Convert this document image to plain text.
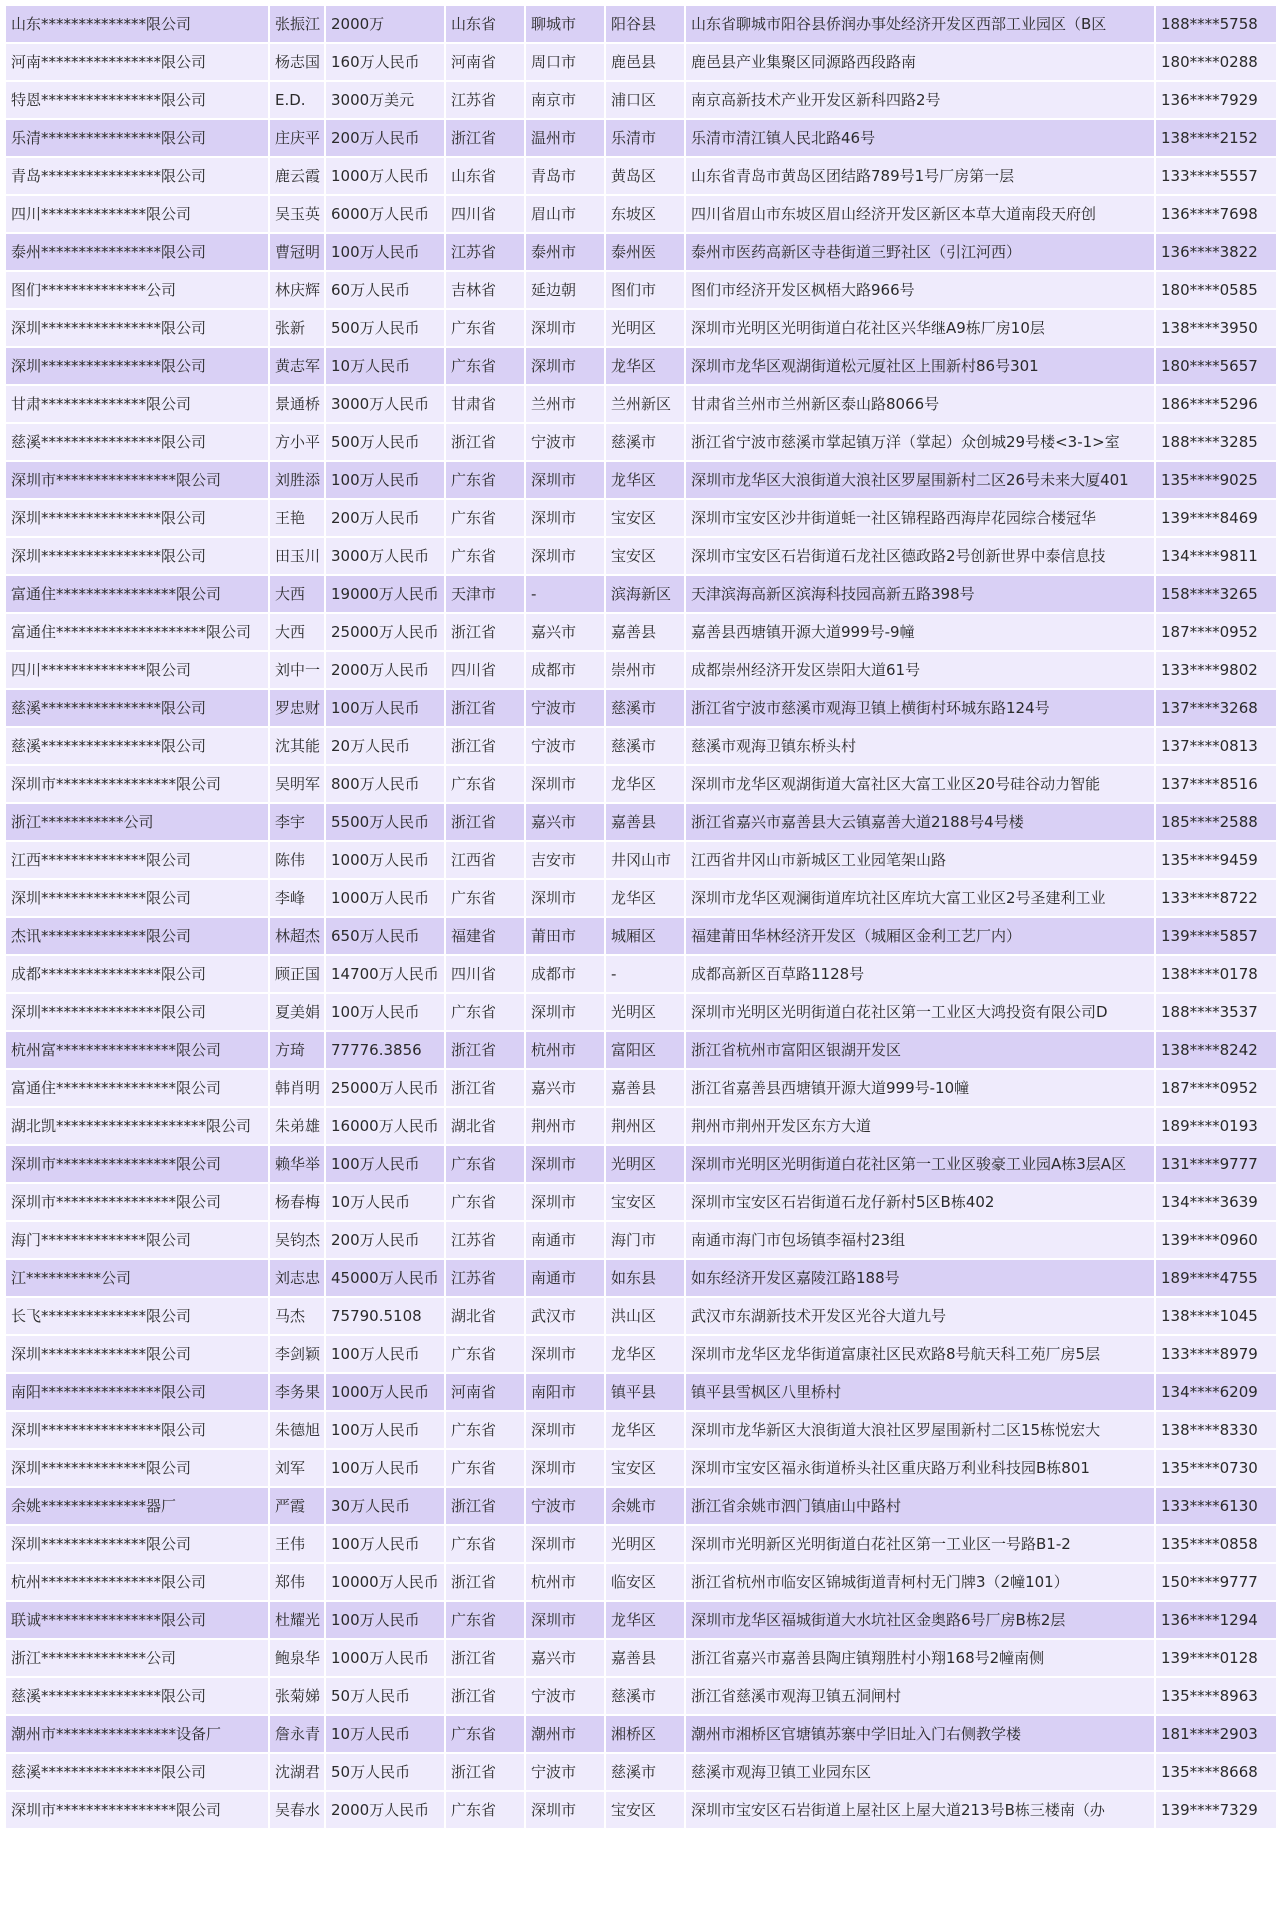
山东**************限公司	张振江	2000万	山东省	聊城市	阳谷县	山东省聊城市阳谷县侨润办事处经济开发区西部工业园区（B区	188****5758
河南****************限公司	杨志国	160万人民币	河南省	周口市	鹿邑县	鹿邑县产业集聚区同源路西段路南	180****0288
特恩****************限公司	E.D.	3000万美元	江苏省	南京市	浦口区	南京高新技术产业开发区新科四路2号	136****7929
乐清****************限公司	庄庆平	200万人民币	浙江省	温州市	乐清市	乐清市清江镇人民北路46号	138****2152
青岛****************限公司	鹿云霞	1000万人民币	山东省	青岛市	黄岛区	山东省青岛市黄岛区团结路789号1号厂房第一层	133****5557
四川**************限公司	吴玉英	6000万人民币	四川省	眉山市	东坡区	四川省眉山市东坡区眉山经济开发区新区本草大道南段天府创	136****7698
泰州****************限公司	曹冠明	100万人民币	江苏省	泰州市	泰州医	泰州市医药高新区寺巷街道三野社区（引江河西）	136****3822
图们**************公司	林庆辉	60万人民币	吉林省	延边朝	图们市	图们市经济开发区枫梧大路966号	180****0585
深圳****************限公司	张新	500万人民币	广东省	深圳市	光明区	深圳市光明区光明街道白花社区兴华继A9栋厂房10层	138****3950
深圳****************限公司	黄志军	10万人民币	广东省	深圳市	龙华区	深圳市龙华区观湖街道松元厦社区上围新村86号301	180****5657
甘肃**************限公司	景通桥	3000万人民币	甘肃省	兰州市	兰州新区	甘肃省兰州市兰州新区泰山路8066号	186****5296
慈溪****************限公司	方小平	500万人民币	浙江省	宁波市	慈溪市	浙江省宁波市慈溪市掌起镇万洋（掌起）众创城29号楼<3-1>室	188****3285
深圳市****************限公司	刘胜添	100万人民币	广东省	深圳市	龙华区	深圳市龙华区大浪街道大浪社区罗屋围新村二区26号未来大厦401	135****9025
深圳****************限公司	王艳	200万人民币	广东省	深圳市	宝安区	深圳市宝安区沙井街道蚝一社区锦程路西海岸花园综合楼冠华	139****8469
深圳****************限公司	田玉川	3000万人民币	广东省	深圳市	宝安区	深圳市宝安区石岩街道石龙社区德政路2号创新世界中泰信息技	134****9811
富通住****************限公司	大西	19000万人民币	天津市	-	滨海新区	天津滨海高新区滨海科技园高新五路398号	158****3265
富通住********************限公司	大西	25000万人民币	浙江省	嘉兴市	嘉善县	嘉善县西塘镇开源大道999号-9幢	187****0952
四川**************限公司	刘中一	2000万人民币	四川省	成都市	崇州市	成都崇州经济开发区崇阳大道61号	133****9802
慈溪****************限公司	罗忠财	100万人民币	浙江省	宁波市	慈溪市	浙江省宁波市慈溪市观海卫镇上横街村环城东路124号	137****3268
慈溪****************限公司	沈其能	20万人民币	浙江省	宁波市	慈溪市	慈溪市观海卫镇东桥头村	137****0813
深圳市****************限公司	吴明军	800万人民币	广东省	深圳市	龙华区	深圳市龙华区观湖街道大富社区大富工业区20号硅谷动力智能	137****8516
浙江***********公司	李宇	5500万人民币	浙江省	嘉兴市	嘉善县	浙江省嘉兴市嘉善县大云镇嘉善大道2188号4号楼	185****2588
江西**************限公司	陈伟	1000万人民币	江西省	吉安市	井冈山市	江西省井冈山市新城区工业园笔架山路	135****9459
深圳**************限公司	李峰	1000万人民币	广东省	深圳市	龙华区	深圳市龙华区观澜街道库坑社区库坑大富工业区2号圣建利工业	133****8722
杰讯**************限公司	林超杰	650万人民币	福建省	莆田市	城厢区	福建莆田华林经济开发区（城厢区金利工艺厂内）	139****5857
成都****************限公司	顾正国	14700万人民币	四川省	成都市	-	成都高新区百草路1128号	138****0178
深圳****************限公司	夏美娟	100万人民币	广东省	深圳市	光明区	深圳市光明区光明街道白花社区第一工业区大鸿投资有限公司D	188****3537
杭州富****************限公司	方琦	77776.3856	浙江省	杭州市	富阳区	浙江省杭州市富阳区银湖开发区	138****8242
富通住****************限公司	韩肖明	25000万人民币	浙江省	嘉兴市	嘉善县	浙江省嘉善县西塘镇开源大道999号-10幢	187****0952
湖北凯********************限公司	朱弟雄	16000万人民币	湖北省	荆州市	荆州区	荆州市荆州开发区东方大道	189****0193
深圳市****************限公司	赖华举	100万人民币	广东省	深圳市	光明区	深圳市光明区光明街道白花社区第一工业区骏豪工业园A栋3层A区	131****9777
深圳市****************限公司	杨春梅	10万人民币	广东省	深圳市	宝安区	深圳市宝安区石岩街道石龙仔新村5区B栋402	134****3639
海门**************限公司	吴钧杰	200万人民币	江苏省	南通市	海门市	南通市海门市包场镇李福村23组	139****0960
江**********公司	刘志忠	45000万人民币	江苏省	南通市	如东县	如东经济开发区嘉陵江路188号	189****4755
长飞**************限公司	马杰	75790.5108	湖北省	武汉市	洪山区	武汉市东湖新技术开发区光谷大道九号	138****1045
深圳**************限公司	李剑颖	100万人民币	广东省	深圳市	龙华区	深圳市龙华区龙华街道富康社区民欢路8号航天科工苑厂房5层	133****8979
南阳****************限公司	李务果	1000万人民币	河南省	南阳市	镇平县	镇平县雪枫区八里桥村	134****6209
深圳****************限公司	朱德旭	100万人民币	广东省	深圳市	龙华区	深圳市龙华新区大浪街道大浪社区罗屋围新村二区15栋悦宏大	138****8330
深圳**************限公司	刘军	100万人民币	广东省	深圳市	宝安区	深圳市宝安区福永街道桥头社区重庆路万利业科技园B栋801	135****0730
余姚**************器厂	严霞	30万人民币	浙江省	宁波市	余姚市	浙江省余姚市泗门镇庙山中路村	133****6130
深圳**************限公司	王伟	100万人民币	广东省	深圳市	光明区	深圳市光明新区光明街道白花社区第一工业区一号路B1-2	135****0858
杭州****************限公司	郑伟	10000万人民币	浙江省	杭州市	临安区	浙江省杭州市临安区锦城街道青柯村无门牌3（2幢101）	150****9777
联诚****************限公司	杜耀光	100万人民币	广东省	深圳市	龙华区	深圳市龙华区福城街道大水坑社区金奥路6号厂房B栋2层	136****1294
浙江**************公司	鲍泉华	1000万人民币	浙江省	嘉兴市	嘉善县	浙江省嘉兴市嘉善县陶庄镇翔胜村小翔168号2幢南侧	139****0128
慈溪****************限公司	张菊娣	50万人民币	浙江省	宁波市	慈溪市	浙江省慈溪市观海卫镇五洞闸村	135****8963
潮州市****************设备厂	詹永青	10万人民币	广东省	潮州市	湘桥区	潮州市湘桥区官塘镇苏寨中学旧址入门右侧教学楼	181****2903
慈溪****************限公司	沈湖君	50万人民币	浙江省	宁波市	慈溪市	慈溪市观海卫镇工业园东区	135****8668
深圳市****************限公司	吴春水	2000万人民币	广东省	深圳市	宝安区	深圳市宝安区石岩街道上屋社区上屋大道213号B栋三楼南（办	139****7329
